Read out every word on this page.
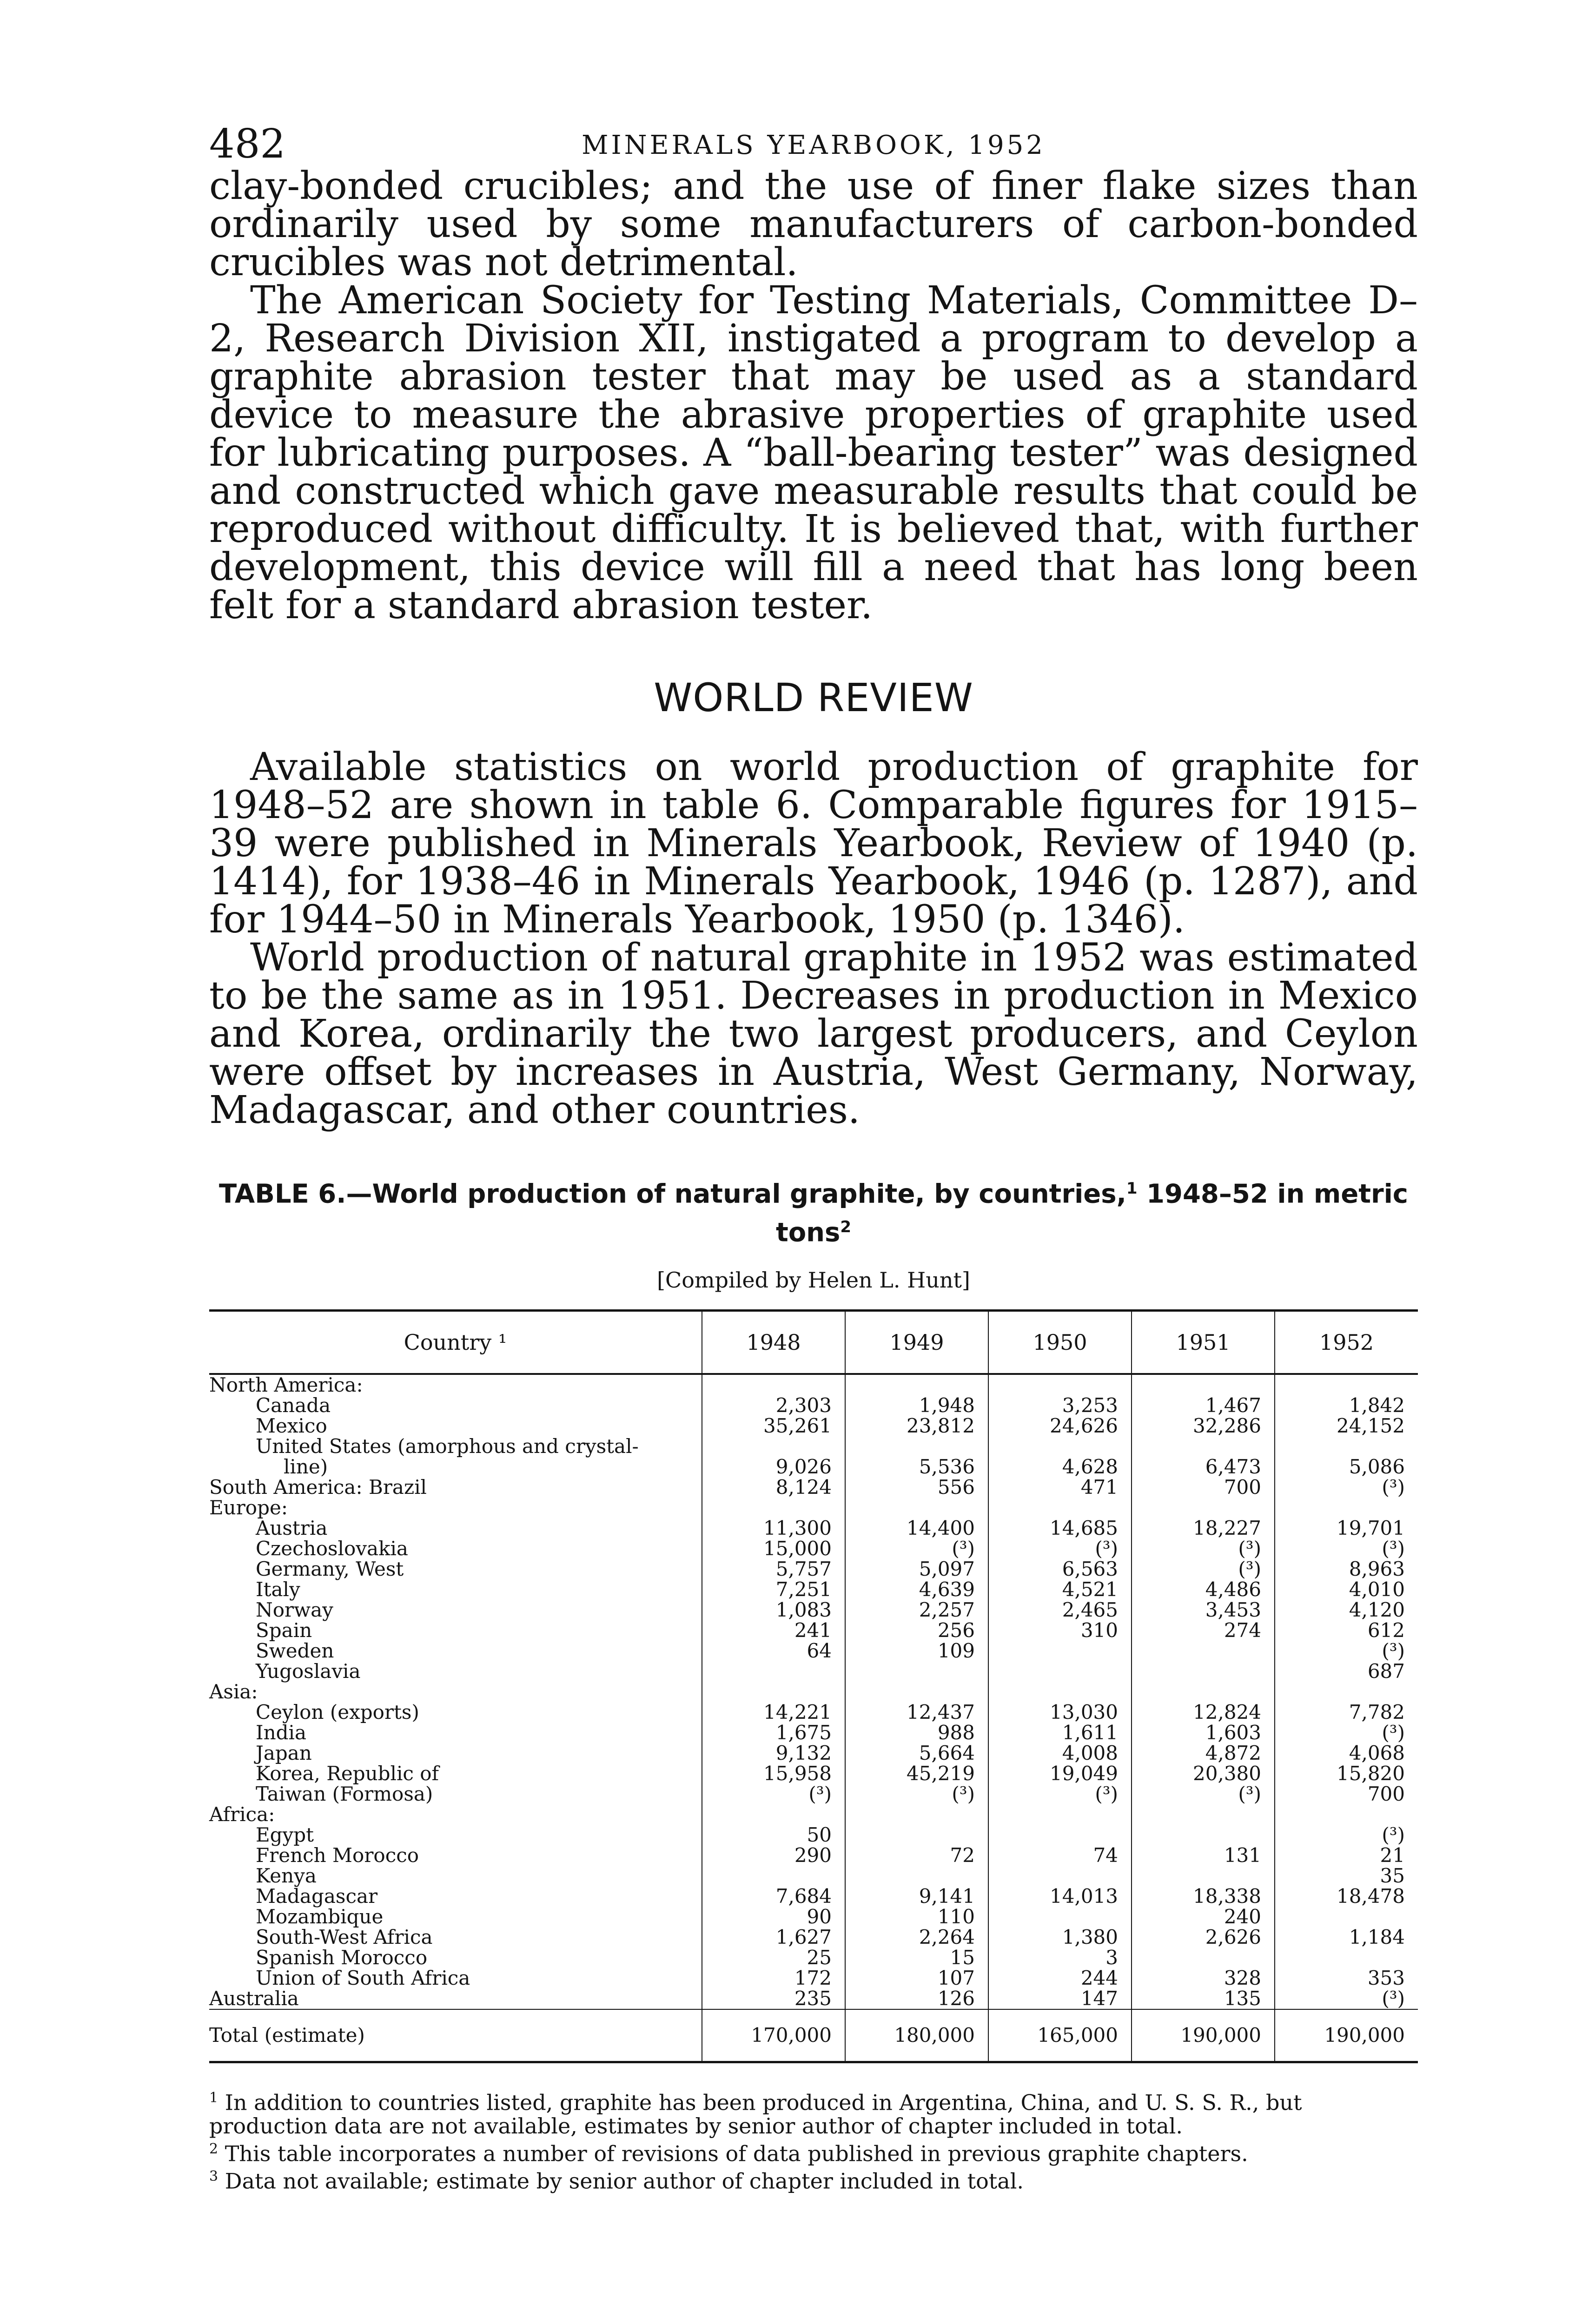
482	MINERALS YEARBOOK, 1952

clay-bonded crucibles; and the use of finer flake sizes than ordinarily used by some manufacturers of carbon-bonded crucibles was not detrimental.

The American Society for Testing Materials, Committee D–2, Research Division XII, instigated a program to develop a graphite abrasion tester that may be used as a standard device to measure the abrasive properties of graphite used for lubricating purposes. A “ball-bearing tester” was designed and constructed which gave measurable results that could be reproduced without difficulty. It is believed that, with further development, this device will fill a need that has long been felt for a standard abrasion tester.

WORLD REVIEW

Available statistics on world production of graphite for 1948–52 are shown in table 6. Comparable figures for 1915–39 were published in Minerals Yearbook, Review of 1940 (p. 1414), for 1938–46 in Minerals Yearbook, 1946 (p. 1287), and for 1944–50 in Minerals Yearbook, 1950 (p. 1346).

World production of natural graphite in 1952 was estimated to be the same as in 1951. Decreases in production in Mexico and Korea, ordinarily the two largest producers, and Ceylon were offset by increases in Austria, West Germany, Norway, Madagascar, and other countries.

TABLE 6.—World production of natural graphite, by countries,$^1$ 1948–52 in metric tons$^2$
[Compiled by Helen L. Hunt]
Country ¹	1948	1949	1950	1951	1952
North America:					
Canada	2,303	1,948	3,253	1,467	1,842
Mexico	35,261	23,812	24,626	32,286	24,152
United States (amorphous and crystal-					
line)	9,026	5,536	4,628	6,473	5,086
South America: Brazil	8,124	556	471	700	(³)
Europe:					
Austria	11,300	14,400	14,685	18,227	19,701
Czechoslovakia	15,000	(³)	(³)	(³)	(³)
Germany, West	5,757	5,097	6,563	(³)	8,963
Italy	7,251	4,639	4,521	4,486	4,010
Norway	1,083	2,257	2,465	3,453	4,120
Spain	241	256	310	274	612
Sweden	64	109			(³)
Yugoslavia					687
Asia:					
Ceylon (exports)	14,221	12,437	13,030	12,824	7,782
India	1,675	988	1,611	1,603	(³)
Japan	9,132	5,664	4,008	4,872	4,068
Korea, Republic of	15,958	45,219	19,049	20,380	15,820
Taiwan (Formosa)	(³)	(³)	(³)	(³)	700
Africa:					
Egypt	50				(³)
French Morocco	290	72	74	131	21
Kenya					35
Madagascar	7,684	9,141	14,013	18,338	18,478
Mozambique	90	110		240	
South-West Africa	1,627	2,264	1,380	2,626	1,184
Spanish Morocco	25	15	3		
Union of South Africa	172	107	244	328	353
Australia	235	126	147	135	(³)
Total (estimate)	170,000	180,000	165,000	190,000	190,000

$^1$ In addition to countries listed, graphite has been produced in Argentina, China, and U. S. S. R., but production data are not available, estimates by senior author of chapter included in total.

$^2$ This table incorporates a number of revisions of data published in previous graphite chapters.

$^3$ Data not available; estimate by senior author of chapter included in total.
